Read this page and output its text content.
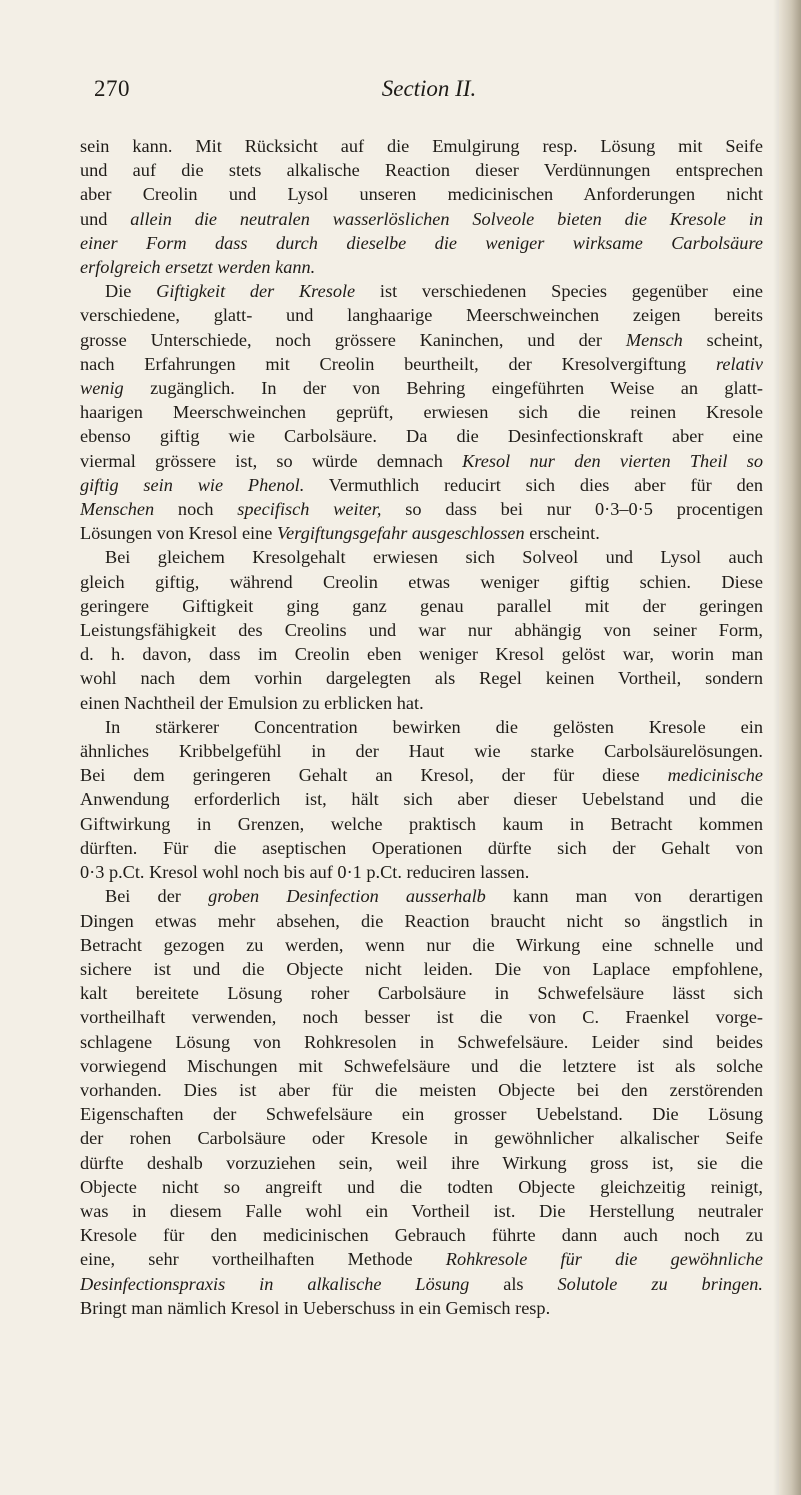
270	Section II.
sein kann. Mit Rücksicht auf die Emulgirung resp. Lösung mit Seife
und auf die stets alkalische Reaction dieser Verdünnungen entsprechen
aber Creolin und Lysol unseren medicinischen Anforderungen nicht
und allein die neutralen wasserlöslichen Solveole bieten die Kresole in
einer Form dass durch dieselbe die weniger wirksame Carbolsäure
erfolgreich ersetzt werden kann.
Die Giftigkeit der Kresole ist verschiedenen Species gegenüber eine
verschiedene, glatt- und langhaarige Meerschweinchen zeigen bereits
grosse Unterschiede, noch grössere Kaninchen, und der Mensch scheint,
nach Erfahrungen mit Creolin beurtheilt, der Kresolvergiftung relativ
wenig zugänglich. In der von Behring eingeführten Weise an glatt-
haarigen Meerschweinchen geprüft, erwiesen sich die reinen Kresole
ebenso giftig wie Carbolsäure. Da die Desinfectionskraft aber eine
viermal grössere ist, so würde demnach Kresol nur den vierten Theil so
giftig sein wie Phenol. Vermuthlich reducirt sich dies aber für den
Menschen noch specifisch weiter, so dass bei nur 0·3–0·5 procentigen
Lösungen von Kresol eine Vergiftungsgefahr ausgeschlossen erscheint.
Bei gleichem Kresolgehalt erwiesen sich Solveol und Lysol auch
gleich giftig, während Creolin etwas weniger giftig schien. Diese
geringere Giftigkeit ging ganz genau parallel mit der geringen
Leistungsfähigkeit des Creolins und war nur abhängig von seiner Form,
d. h. davon, dass im Creolin eben weniger Kresol gelöst war, worin man
wohl nach dem vorhin dargelegten als Regel keinen Vortheil, sondern
einen Nachtheil der Emulsion zu erblicken hat.
In stärkerer Concentration bewirken die gelösten Kresole ein
ähnliches Kribbelgefühl in der Haut wie starke Carbolsäurelösungen.
Bei dem geringeren Gehalt an Kresol, der für diese medicinische
Anwendung erforderlich ist, hält sich aber dieser Uebelstand und die
Giftwirkung in Grenzen, welche praktisch kaum in Betracht kommen
dürften. Für die aseptischen Operationen dürfte sich der Gehalt von
0·3 p.Ct. Kresol wohl noch bis auf 0·1 p.Ct. reduciren lassen.
Bei der groben Desinfection ausserhalb kann man von derartigen
Dingen etwas mehr absehen, die Reaction braucht nicht so ängstlich in
Betracht gezogen zu werden, wenn nur die Wirkung eine schnelle und
sichere ist und die Objecte nicht leiden. Die von Laplace empfohlene,
kalt bereitete Lösung roher Carbolsäure in Schwefelsäure lässt sich
vortheilhaft verwenden, noch besser ist die von C. Fraenkel vorge-
schlagene Lösung von Rohkresolen in Schwefelsäure. Leider sind beides
vorwiegend Mischungen mit Schwefelsäure und die letztere ist als solche
vorhanden. Dies ist aber für die meisten Objecte bei den zerstörenden
Eigenschaften der Schwefelsäure ein grosser Uebelstand. Die Lösung
der rohen Carbolsäure oder Kresole in gewöhnlicher alkalischer Seife
dürfte deshalb vorzuziehen sein, weil ihre Wirkung gross ist, sie die
Objecte nicht so angreift und die todten Objecte gleichzeitig reinigt,
was in diesem Falle wohl ein Vortheil ist. Die Herstellung neutraler
Kresole für den medicinischen Gebrauch führte dann auch noch zu
eine, sehr vortheilhaften Methode Rohkresole für die gewöhnliche
Desinfectionspraxis in alkalische Lösung als Solutole zu bringen.
Bringt man nämlich Kresol in Ueberschuss in ein Gemisch resp.
